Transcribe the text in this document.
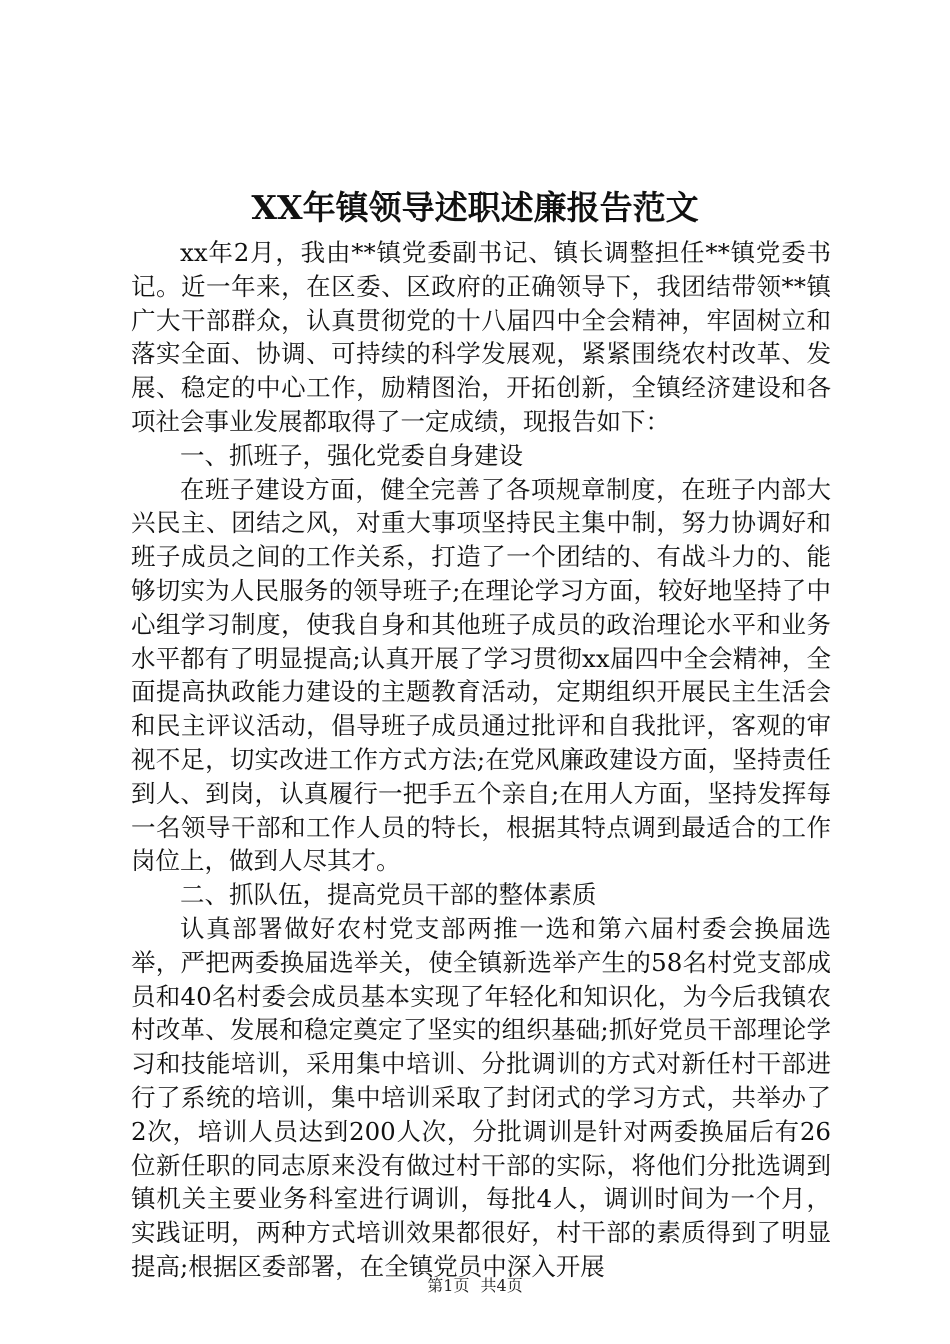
XX年镇领导述职述廉报告范文

xx年2月，我由**镇党委副书记、镇长调整担任**镇党委书记。近一年来，在区委、区政府的正确领导下，我团结带领**镇广大干部群众，认真贯彻党的十八届四中全会精神，牢固树立和落实全面、协调、可持续的科学发展观，紧紧围绕农村改革、发展、稳定的中心工作，励精图治，开拓创新，全镇经济建设和各项社会事业发展都取得了一定成绩，现报告如下：

一、抓班子，强化党委自身建设

在班子建设方面，健全完善了各项规章制度，在班子内部大兴民主、团结之风，对重大事项坚持民主集中制，努力协调好和班子成员之间的工作关系，打造了一个团结的、有战斗力的、能够切实为人民服务的领导班子;在理论学习方面，较好地坚持了中心组学习制度，使我自身和其他班子成员的政治理论水平和业务水平都有了明显提高;认真开展了学习贯彻xx届四中全会精神，全面提高执政能力建设的主题教育活动，定期组织开展民主生活会和民主评议活动，倡导班子成员通过批评和自我批评，客观的审视不足，切实改进工作方式方法;在党风廉政建设方面，坚持责任到人、到岗，认真履行一把手五个亲自;在用人方面，坚持发挥每一名领导干部和工作人员的特长，根据其特点调到最适合的工作岗位上，做到人尽其才。

二、抓队伍，提高党员干部的整体素质

认真部署做好农村党支部两推一选和第六届村委会换届选举，严把两委换届选举关，使全镇新选举产生的58名村党支部成员和40名村委会成员基本实现了年轻化和知识化，为今后我镇农村改革、发展和稳定奠定了坚实的组织基础;抓好党员干部理论学习和技能培训，采用集中培训、分批调训的方式对新任村干部进行了系统的培训，集中培训采取了封闭式的学习方式，共举办了2次，培训人员达到200人次，分批调训是针对两委换届后有26位新任职的同志原来没有做过村干部的实际，将他们分批选调到镇机关主要业务科室进行调训，每批4人，调训时间为一个月，实践证明，两种方式培训效果都很好，村干部的素质得到了明显提高;根据区委部署，在全镇党员中深入开展

第1页 共4页
